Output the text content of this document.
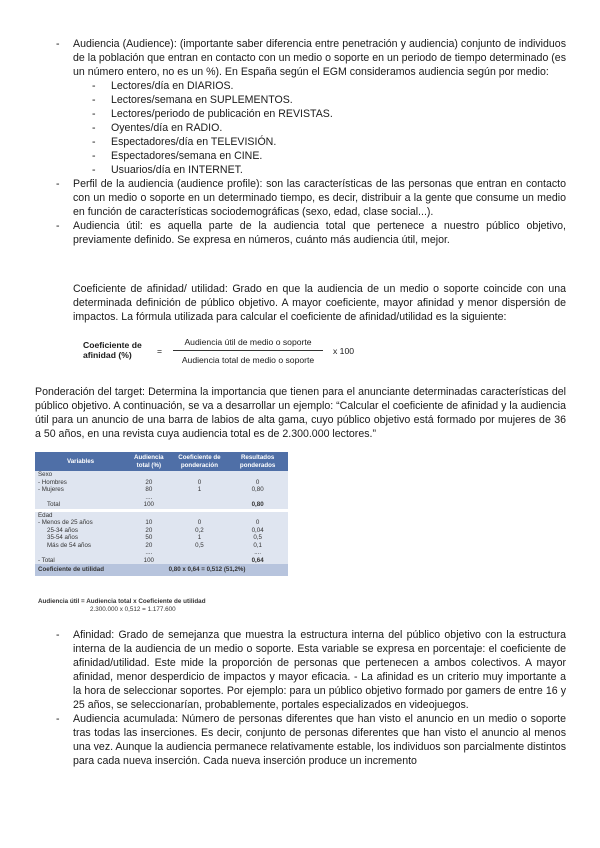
- Audiencia (Audience): (importante saber diferencia entre penetración y audiencia) conjunto de individuos de la población que entran en contacto con un medio o soporte en un periodo de tiempo determinado (es un número entero, no es un %). En España según el EGM consideramos audiencia según por medio:
- Lectores/día en DIARIOS.
- Lectores/semana en SUPLEMENTOS.
- Lectores/periodo de publicación en REVISTAS.
- Oyentes/día en RADIO.
- Espectadores/día en TELEVISIÓN.
- Espectadores/semana en CINE.
- Usuarios/día en INTERNET.
- Perfil de la audiencia (audience profile): son las características de las personas que entran en contacto con un medio o soporte en un determinado tiempo, es decir, distribuir a la gente que consume un medio en función de características sociodemográficas (sexo, edad, clase social...).
- Audiencia útil: es aquella parte de la audiencia total que pertenece a nuestro público objetivo, previamente definido. Se expresa en números, cuánto más audiencia útil, mejor.

Coeficiente de afinidad/ utilidad: Grado en que la audiencia de un medio o soporte coincide con una determinada definición de público objetivo. A mayor coeficiente, mayor afinidad y menor dispersión de impactos. La fórmula utilizada para calcular el coeficiente de afinidad/utilidad es la siguiente:

Coeficiente de
afinidad (%)	=
Audiencia útil de medio o soporte
Audiencia total de medio o soporte
x 100

Ponderación del target: Determina la importancia que tienen para el anunciante determinadas características del público objetivo. A continuación, se va a desarrollar un ejemplo: “Calcular el coeficiente de afinidad y la audiencia útil para un anuncio de una barra de labios de alta gama, cuyo público objetivo está formado por mujeres de 36 a 50 años, en una revista cuya audiencia total es de 2.300.000 lectores.”

Variables	Audiencia total (%)	Coeficiente de ponderación	Resultados ponderados
Sexo			
- Hombres	20	0	0
- Mujeres	80	1	0,80
	....		
Total	100		0,80

Edad			
- Menos de 25 años	10	0	0
25-34 años	20	0,2	0,04
35-54 años	50	1	0,5
Más de 54 años	20	0,5	0,1
	....		....
- Total	100		0,64
Coeficiente de utilidad	0,80 x 0,64 = 0,512 (51,2%)		
Audiencia útil = Audiencia total x Coeficiente de utilidad
2.300.000 x 0,512 = 1.177.600
- Afinidad: Grado de semejanza que muestra la estructura interna del público objetivo con la estructura interna de la audiencia de un medio o soporte. Esta variable se expresa en porcentaje: el coeficiente de afinidad/utilidad. Este mide la proporción de personas que pertenecen a ambos colectivos. A mayor afinidad, menor desperdicio de impactos y mayor eficacia. - La afinidad es un criterio muy importante a la hora de seleccionar soportes. Por ejemplo: para un público objetivo formado por gamers de entre 16 y 25 años, se seleccionarían, probablemente, portales especializados en videojuegos.
- Audiencia acumulada: Número de personas diferentes que han visto el anuncio en un medio o soporte tras todas las inserciones. Es decir, conjunto de personas diferentes que han visto el anuncio al menos una vez. Aunque la audiencia permanece relativamente estable, los individuos son parcialmente distintos para cada nueva inserción. Cada nueva inserción produce un incremento
